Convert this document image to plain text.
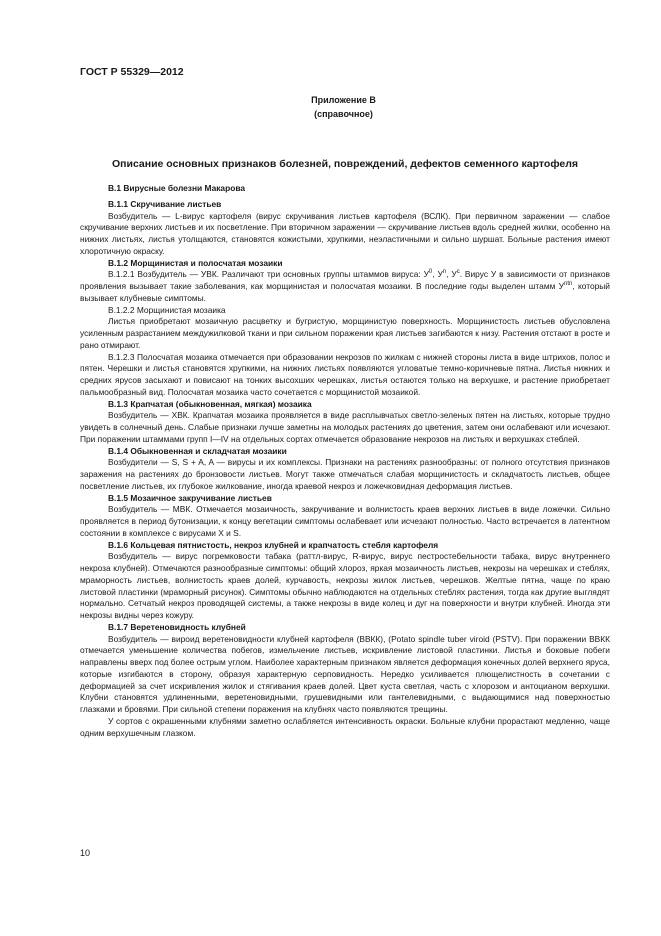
ГОСТ Р 55329—2012
Приложение В
(справочное)
Описание основных признаков болезней, повреждений, дефектов семенного картофеля

В.1 Вирусные болезни Макарова

В.1.1 Скручивание листьев

Возбудитель — L-вирус картофеля (вирус скручивания листьев картофеля (ВСЛК). При первичном заражении — слабое скручивание верхних листьев и их посветление. При вторичном заражении — скручивание листьев вдоль средней жилки, особенно на нижних листьях, листья утолщаются, становятся кожистыми, хрупкими, неэластичными и сильно шуршат. Больные растения имеют хлоротичную окраску.

В.1.2 Морщинистая и полосчатая мозаики

В.1.2.1 Возбудитель — УВК. Различают три основных группы штаммов вируса: $У^0$, $У^n$, $У^c$. Вирус У в зависимости от признаков проявления вызывает такие заболевания, как морщинистая и полосчатая мозаики. В последние годы выделен штамм $У^{ntn}$, который вызывает клубневые симптомы.

В.1.2.2 Морщинистая мозаика

Листья приобретают мозаичную расцветку и бугристую, морщинистую поверхность. Морщинистость листьев обусловлена усиленным разрастанием междужилковой ткани и при сильном поражении края листьев загибаются к низу. Растения отстают в росте и рано отмирают.

В.1.2.3 Полосчатая мозаика отмечается при образовании некрозов по жилкам с нижней стороны листа в виде штрихов, полос и пятен. Черешки и листья становятся хрупкими, на нижних листьях появляются угловатые темно-коричневые пятна. Листья нижних и средних ярусов засыхают и повисают на тонких высохших черешках, листья остаются только на верхушке, и растение приобретает пальмообразный вид. Полосчатая мозаика часто сочетается с морщинистой мозаикой.

В.1.3 Крапчатая (обыкновенная, мягкая) мозаика

Возбудитель — ХВК. Крапчатая мозаика проявляется в виде расплывчатых светло-зеленых пятен на листьях, которые трудно увидеть в солнечный день. Слабые признаки лучше заметны на молодых растениях до цветения, затем они ослабевают или исчезают. При поражении штаммами групп I—IV на отдельных сортах отмечается образование некрозов на листьях и верхушках стеблей.

В.1.4 Обыкновенная и складчатая мозаики

Возбудители — S, S + A, A — вирусы и их комплексы. Признаки на растениях разнообразны: от полного отсутствия признаков заражения на растениях до бронзовости листьев. Могут также отмечаться слабая морщинистость и складчатость листьев, общее посветление листьев, их глубокое жилкование, иногда краевой некроз и ложечковидная деформация листьев.

В.1.5 Мозаичное закручивание листьев

Возбудитель — МВК. Отмечается мозаичность, закручивание и волнистость краев верхних листьев в виде ложечки. Сильно проявляется в период бутонизации, к концу вегетации симптомы ослабевает или исчезают полностью. Часто встречается в латентном состоянии в комплексе с вирусами X и S.

В.1.6 Кольцевая пятнистость, некроз клубней и крапчатость стебля картофеля

Возбудитель — вирус погремковости табака (раттл-вирус, R-вирус, вирус пестростебельности табака, вирус внутреннего некроза клубней). Отмечаются разнообразные симптомы: общий хлороз, яркая мозаичность листьев, некрозы на черешках и стеблях, мраморность листьев, волнистость краев долей, курчавость, некрозы жилок листьев, черешков. Желтые пятна, чаще по краю листовой пластинки (мраморный рисунок). Симптомы обычно наблюдаются на отдельных стеблях растения, тогда как другие выглядят нормально. Сетчатый некроз проводящей системы, а также некрозы в виде колец и дуг на поверхности и внутри клубней. Иногда эти некрозы видны через кожуру.

В.1.7 Веретеновидность клубней

Возбудитель — вироид веретеновидности клубней картофеля (ВВКК), (Potato spindle tuber viroid (PSTV). При поражении ВВКК отмечается уменьшение количества побегов, измельчение листьев, искривление листовой пластинки. Листья и боковые побеги направлены вверх под более острым углом. Наиболее характерным признаком является деформация конечных долей верхнего яруса, которые изгибаются в сторону, образуя характерную серповидность. Нередко усиливается плющелистность в сочетании с деформацией за счет искривления жилок и стягивания краев долей. Цвет куста светлая, часть с хлорозом и антоцианом верхушки. Клубни становятся удлиненными, веретеновидными, грушевидными или гантелевидными, с выдающимися над поверхностью глазками и бровями. При сильной степени поражения на клубнях часто появляются трещины.

У сортов с окрашенными клубнями заметно ослабляется интенсивность окраски. Больные клубни прорастают медленно, чаще одним верхушечным глазком.

10
